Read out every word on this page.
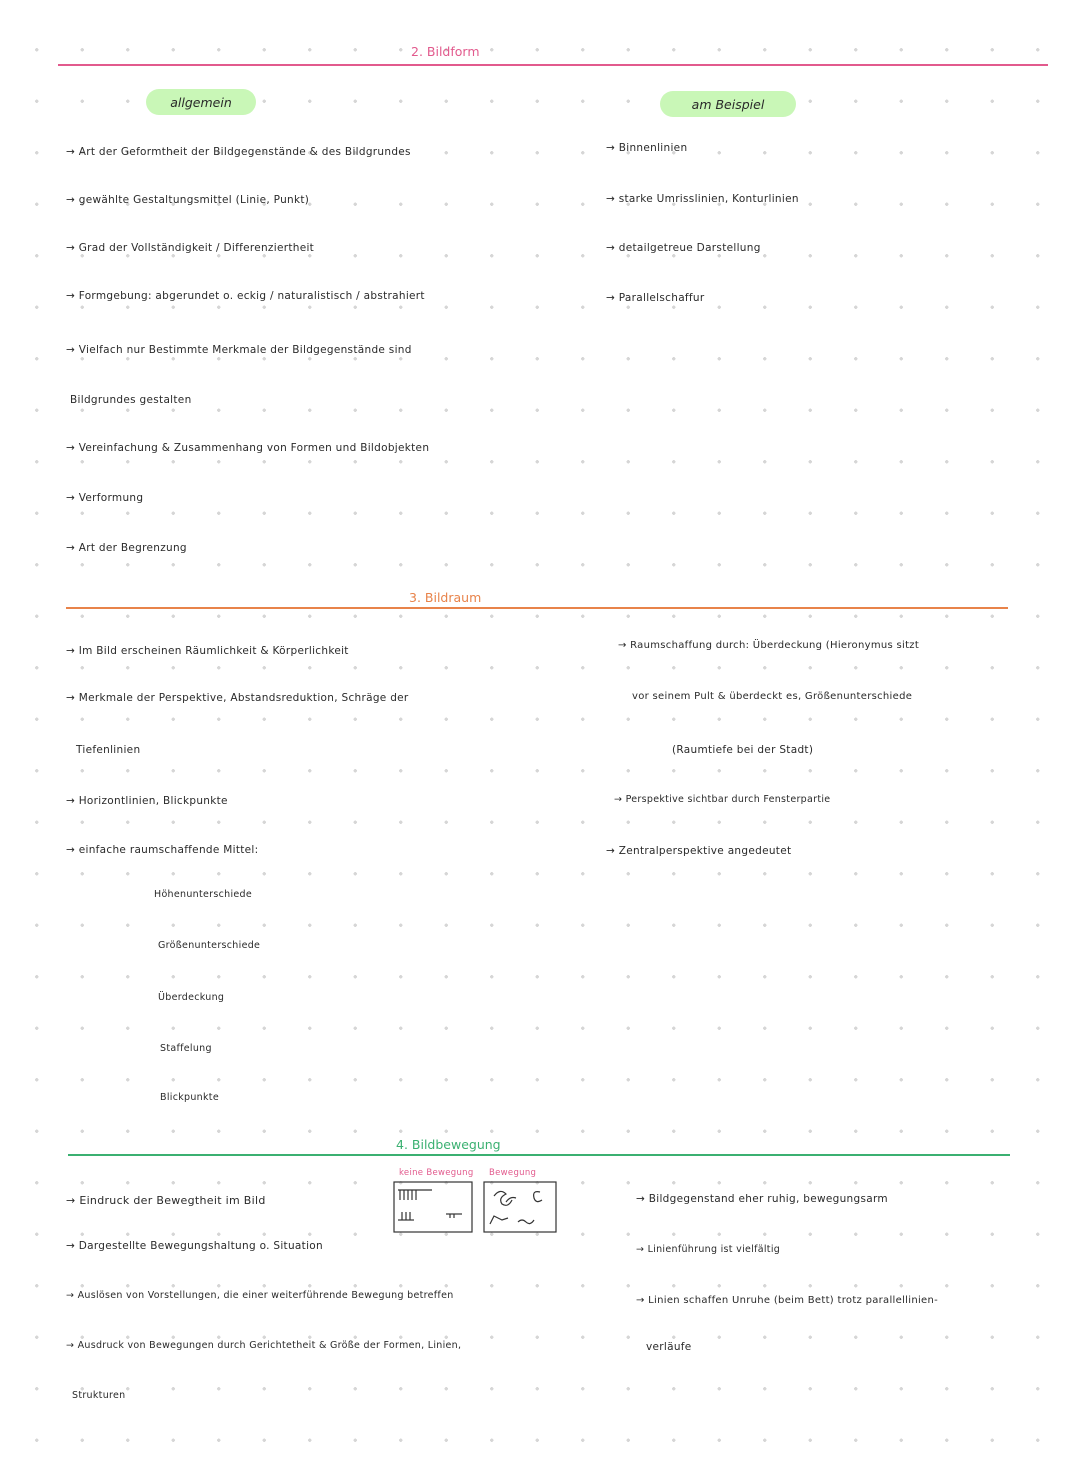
2. Bildform
allgemein	am Beispiel
→ Art der Geformtheit der Bildgegenstände & des Bildgrundes
→ gewählte Gestaltungsmittel (Linie, Punkt)
→ Grad der Vollständigkeit / Differenziertheit
→ Formgebung: abgerundet o. eckig / naturalistisch / abstrahiert
→ Vielfach nur Bestimmte Merkmale der Bildgegenstände sind
Bildgrundes gestalten
→ Vereinfachung & Zusammenhang von Formen und Bildobjekten
→ Verformung
→ Art der Begrenzung
→ Binnenlinien
→ starke Umrisslinien, Konturlinien
→ detailgetreue Darstellung
→ Parallelschaffur
3. Bildraum
→ Im Bild erscheinen Räumlichkeit & Körperlichkeit
→ Merkmale der Perspektive, Abstandsreduktion, Schräge der
Tiefenlinien
→ Horizontlinien, Blickpunkte
→ einfache raumschaffende Mittel:
Höhenunterschiede
Größenunterschiede
Überdeckung
Staffelung
Blickpunkte
→ Raumschaffung durch: Überdeckung (Hieronymus sitzt
vor seinem Pult & überdeckt es, Größenunterschiede
(Raumtiefe bei der Stadt)
→ Perspektive sichtbar durch Fensterpartie
→ Zentralperspektive angedeutet
4. Bildbewegung
keine Bewegung Bewegung
→ Eindruck der Bewegtheit im Bild
→ Dargestellte Bewegungshaltung o. Situation
→ Auslösen von Vorstellungen, die einer weiterführende Bewegung betreffen
→ Ausdruck von Bewegungen durch Gerichtetheit & Größe der Formen, Linien,
Strukturen
→ Bildgegenstand eher ruhig, bewegungsarm
→ Linienführung ist vielfältig
→ Linien schaffen Unruhe (beim Bett) trotz parallellinien-
verläufe
